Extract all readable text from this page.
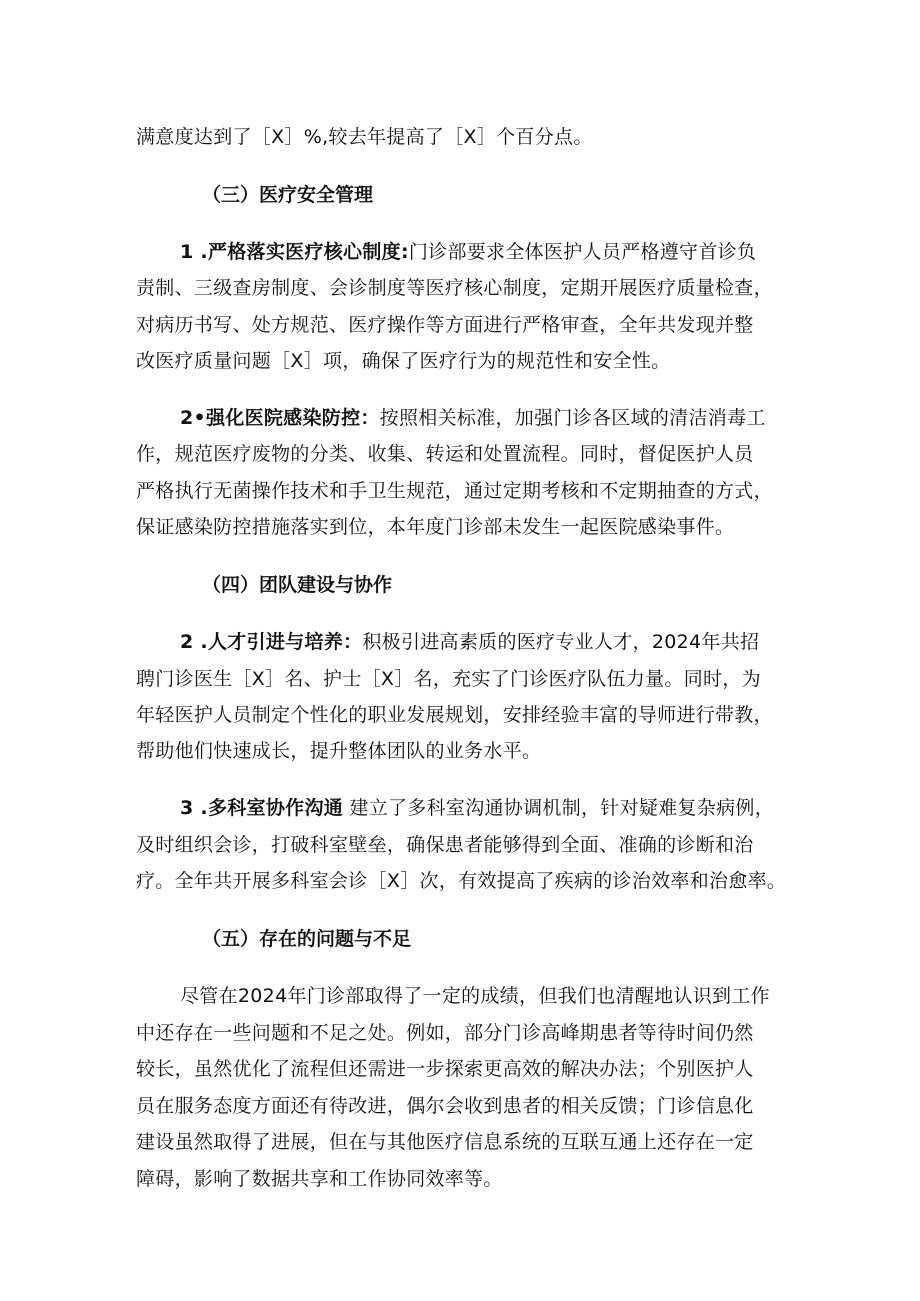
满意度达到了［X］%,较去年提高了［X］个百分点。
（三）医疗安全管理
1 .严格落实医疗核心制度:门诊部要求全体医护人员严格遵守首诊负
责制、三级查房制度、会诊制度等医疗核心制度，定期开展医疗质量检查，
对病历书写、处方规范、医疗操作等方面进行严格审查，全年共发现并整
改医疗质量问题［X］项，确保了医疗行为的规范性和安全性。
2•强化医院感染防控：按照相关标准，加强门诊各区域的清洁消毒工
作，规范医疗废物的分类、收集、转运和处置流程。同时，督促医护人员
严格执行无菌操作技术和手卫生规范，通过定期考核和不定期抽查的方式，
保证感染防控措施落实到位，本年度门诊部未发生一起医院感染事件。
（四）团队建设与协作
2 .人才引进与培养：积极引进高素质的医疗专业人才，2024年共招
聘门诊医生［X］名、护士［X］名，充实了门诊医疗队伍力量。同时，为
年轻医护人员制定个性化的职业发展规划，安排经验丰富的导师进行带教，
帮助他们快速成长，提升整体团队的业务水平。
3 .多科室协作沟通 建立了多科室沟通协调机制，针对疑难复杂病例，
及时组织会诊，打破科室壁垒，确保患者能够得到全面、准确的诊断和治
疗。全年共开展多科室会诊［X］次，有效提高了疾病的诊治效率和治愈率。
（五）存在的问题与不足
尽管在2024年门诊部取得了一定的成绩，但我们也清醒地认识到工作
中还存在一些问题和不足之处。例如，部分门诊高峰期患者等待时间仍然
较长，虽然优化了流程但还需进一步探索更高效的解决办法；个别医护人
员在服务态度方面还有待改进，偶尔会收到患者的相关反馈；门诊信息化
建设虽然取得了进展，但在与其他医疗信息系统的互联互通上还存在一定
障碍，影响了数据共享和工作协同效率等。
